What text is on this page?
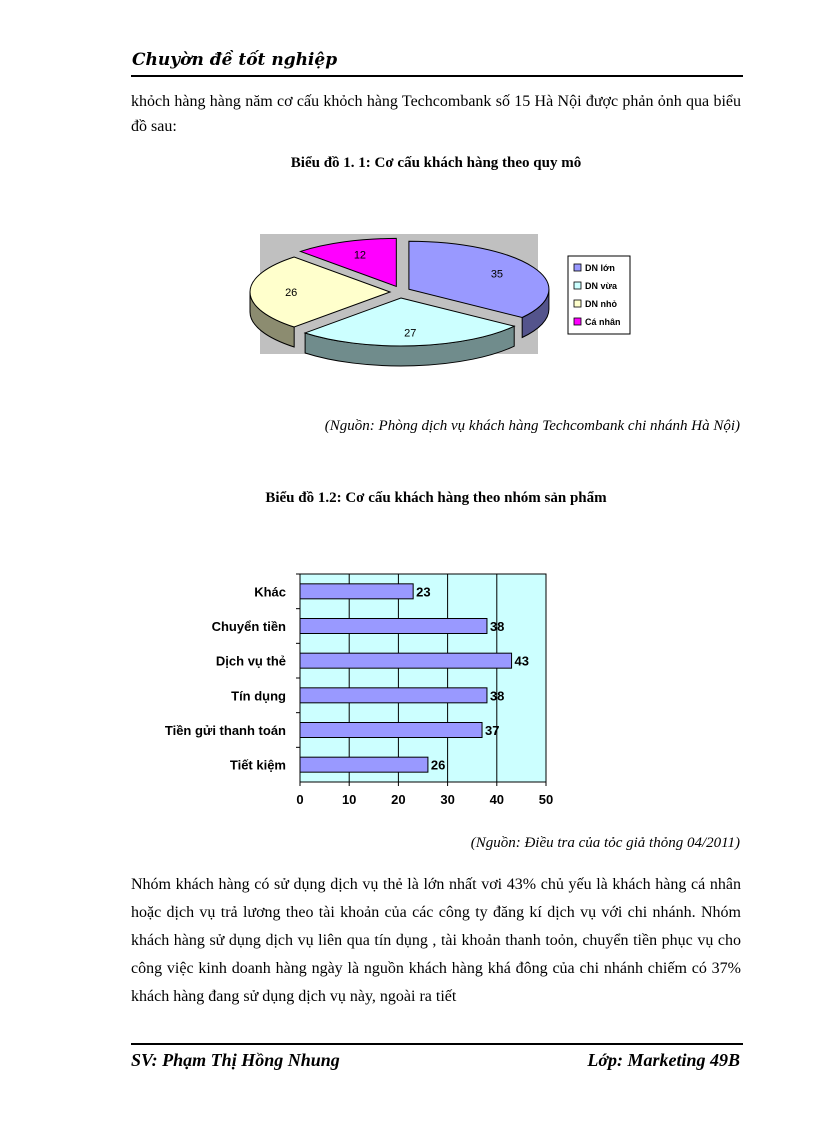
Chuyờn đề tốt nghiệp

khỏch hàng hàng năm cơ cấu khỏch hàng Techcombank số 15 Hà Nội được phản ỏnh qua biểu đồ sau:

Biểu đồ 1. 1: Cơ cấu khách hàng theo quy mô
35
27
26
12
DN lớn
DN vừa
DN nhỏ
Cá nhân
(Nguồn: Phòng dịch vụ khách hàng Techcombank chi nhánh Hà Nội)
Biểu đồ 1.2: Cơ cấu khách hàng theo nhóm sản phẩm
23
38
43
38
37
26
0	10	20	30	40	50
Khác
Chuyển tiền
Dịch vụ thẻ
Tín dụng
Tiền gửi thanh toán
Tiết kiệm
(Nguồn: Điều tra của tỏc giả thỏng 04/2011)

Nhóm khách hàng có sử dụng dịch vụ thẻ là lớn nhất vơi 43% chủ yếu là khách hàng cá nhân hoặc dịch vụ trả lương theo tài khoản của các công ty đăng kí dịch vụ với chi nhánh. Nhóm khách hàng sử dụng dịch vụ liên qua tín dụng , tài khoản thanh toỏn, chuyển tiền phục vụ cho công việc kinh doanh hàng ngày là nguồn khách hàng khá đông của chi nhánh chiếm có 37% khách hàng đang sử dụng dịch vụ này, ngoài ra tiết

SV: Phạm Thị Hồng Nhung	Lớp: Marketing 49B
